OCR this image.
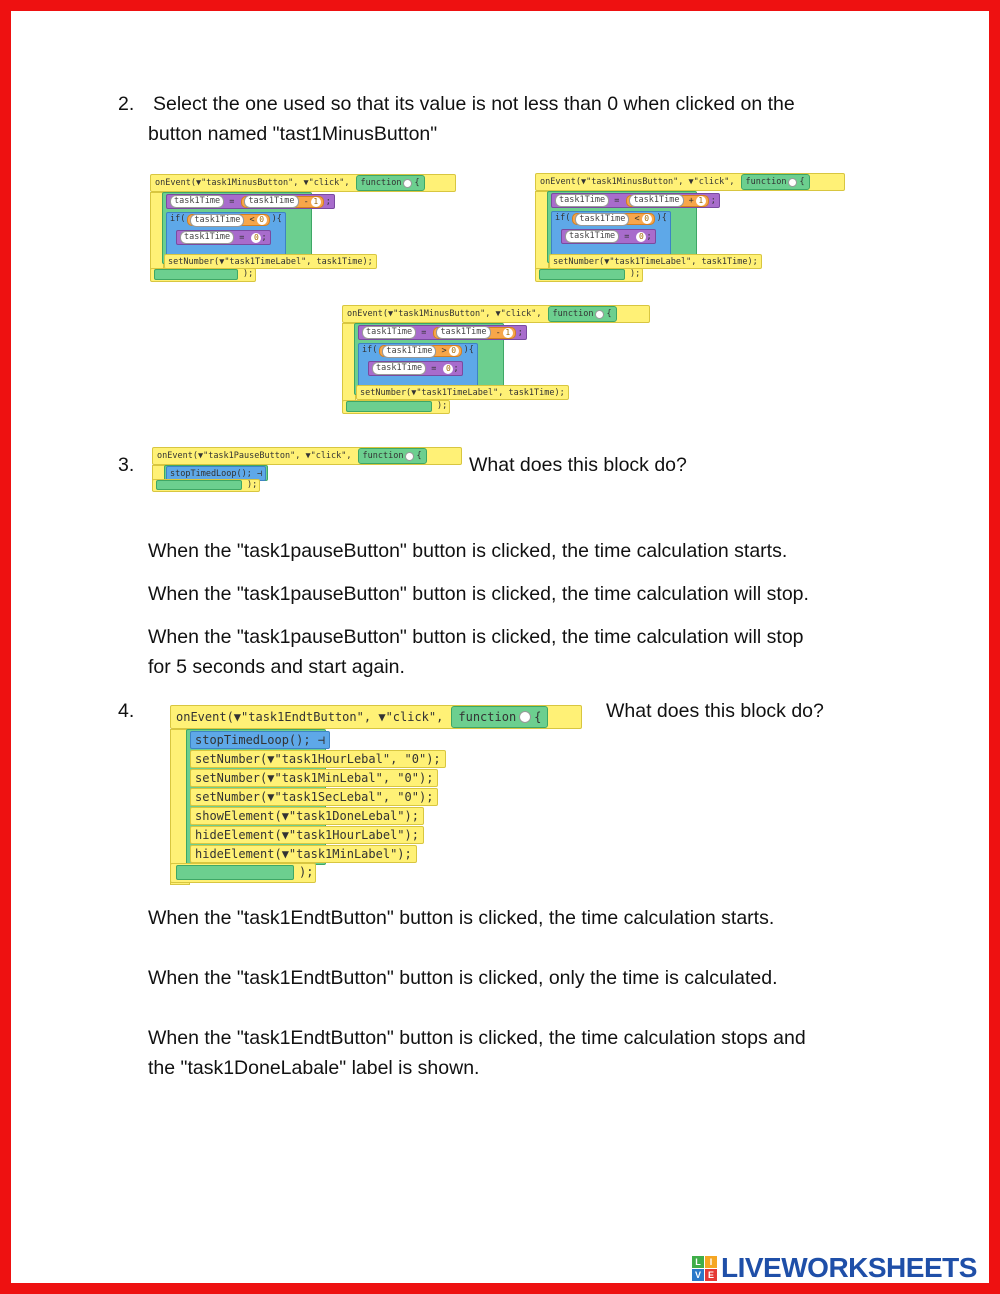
2. Select the one used so that its value is not less than 0 when clicked on the
button named "tast1MinusButton"
onEvent( ▼ "task1MinusButton" ,
▼ "click" , function {
task1Time
	=
	task1Time
	- 1 ;
if(	task1Time
	< 0 ){
task1Time
	=
	0 ;
setNumber( ▼ "task1TimeLabel" ,
task1Time );
);
onEvent( ▼ "task1MinusButton" ,
▼ "click" , function {
task1Time
	=
	task1Time
	+ 1 ;
if(	task1Time
	< 0 ){
task1Time
	=
	0 ;
setNumber( ▼ "task1TimeLabel" ,
task1Time );
);
onEvent( ▼ "task1MinusButton" ,
▼ "click" , function {
task1Time
	=
	task1Time
	- 1 ;
if(	task1Time
	> 0 ){
task1Time
	=
	0 ;
setNumber( ▼ "task1TimeLabel" ,
task1Time );
);
3.	onEvent( ▼ "task1PauseButton" ,
▼ "click" , function {
stopTimedLoop(); ⊣
);
What does this block do?
When the "task1pauseButton" button is clicked, the time calculation starts.
When the "task1pauseButton" button is clicked, the time calculation will stop.
When the "task1pauseButton" button is clicked, the time calculation will stop
for 5 seconds and start again.
4.	onEvent( ▼ "task1EndtButton" ,
▼ "click" , function {
stopTimedLoop(); ⊣
setNumber(▼"task1HourLebal", "0");
setNumber(▼"task1MinLebal", "0");
setNumber(▼"task1SecLebal", "0");
showElement(▼"task1DoneLebal");
hideElement(▼"task1HourLabel");
hideElement(▼"task1MinLabel");
);
What does this block do?
When the "task1EndtButton" button is clicked, the time calculation starts.
When the "task1EndtButton" button is clicked, only the time is calculated.
When the "task1EndtButton" button is clicked, the time calculation stops and
the "task1DoneLabale" label is shown.
L I
V E LIVEWORKSHEETS
